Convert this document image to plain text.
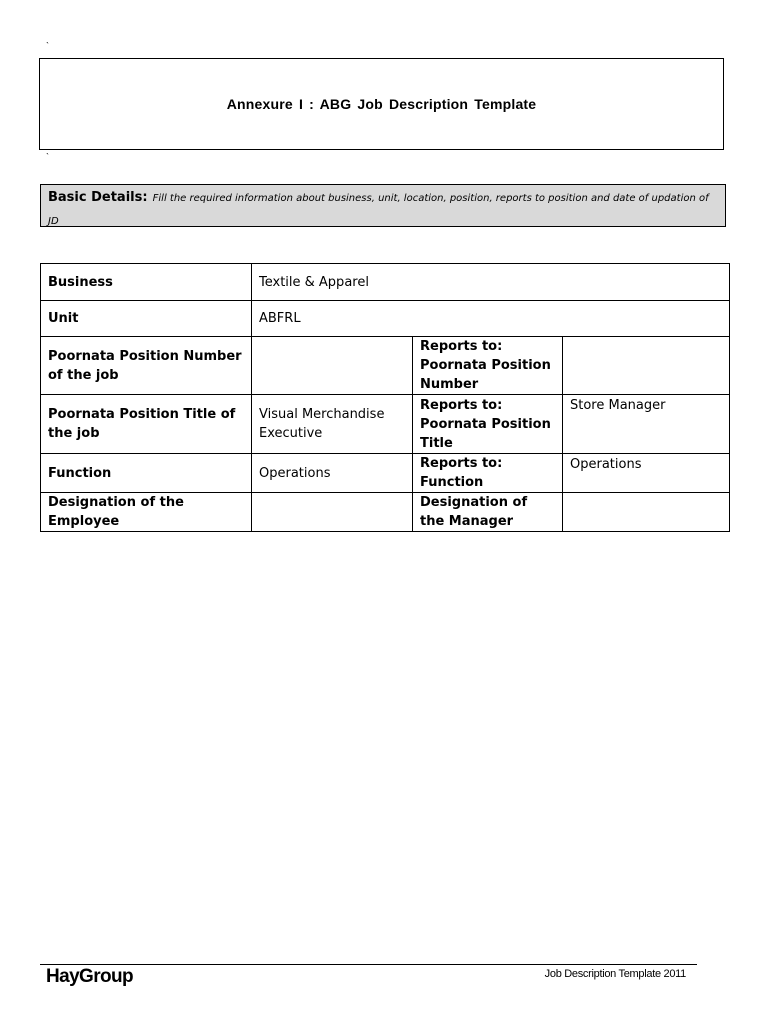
`
Annexure I : ABG Job Description Template
`
Basic Details: Fill the required information about business, unit, location, position, reports to position and date of updation of JD
Business	Textile & Apparel		
Unit	ABFRL		
Poornata Position Number of the job		Reports to: Poornata Position Number	
Poornata Position Title of the job	Visual Merchandise Executive	Reports to: Poornata Position Title	Store Manager
Function	Operations	Reports to: Function	Operations
Designation of the Employee		Designation of the Manager	
HayGroup	Job Description Template 2011
